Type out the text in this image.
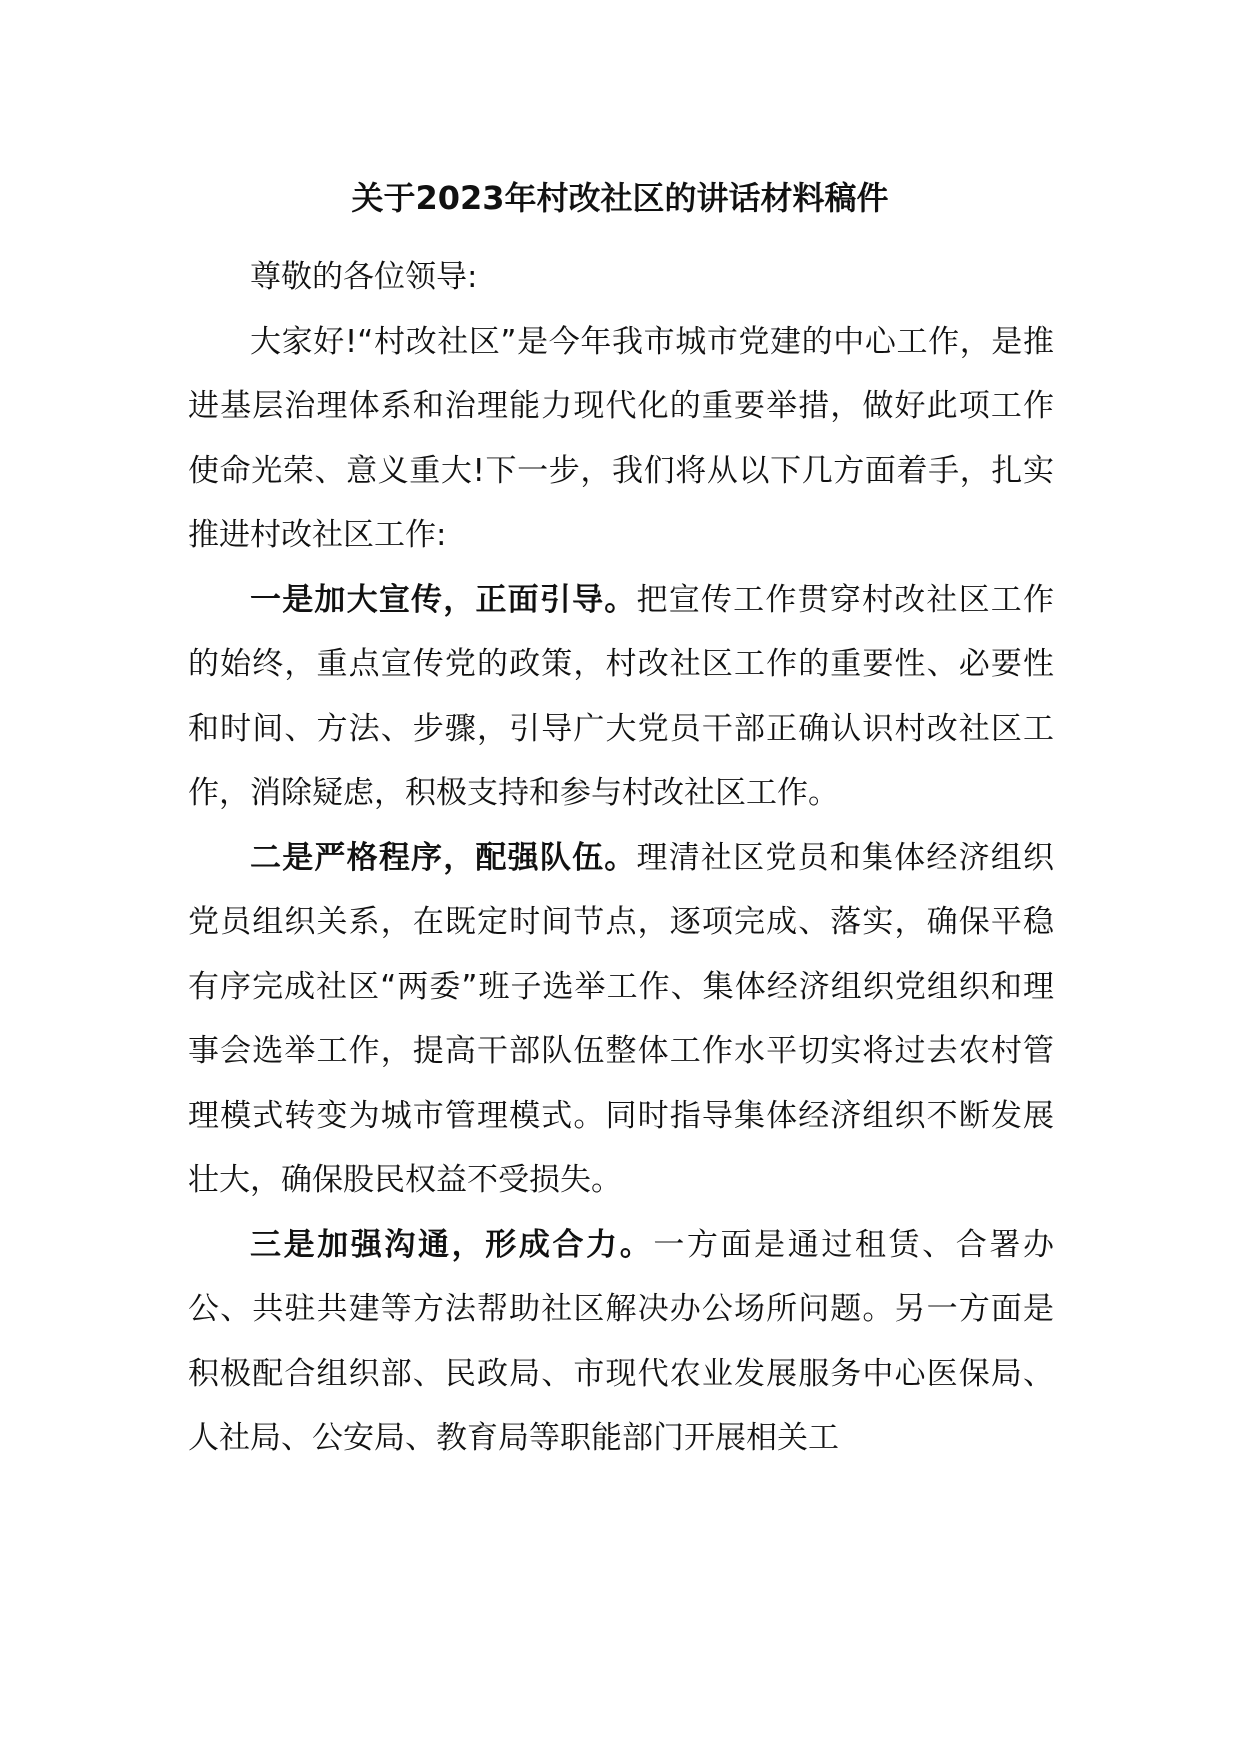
关于2023年村改社区的讲话材料稿件

尊敬的各位领导:

大家好!“村改社区”是今年我市城市党建的中心工作，是推进基层治理体系和治理能力现代化的重要举措，做好此项工作使命光荣、意义重大!下一步，我们将从以下几方面着手，扎实推进村改社区工作:

一是加大宣传，正面引导。把宣传工作贯穿村改社区工作的始终，重点宣传党的政策，村改社区工作的重要性、必要性和时间、方法、步骤，引导广大党员干部正确认识村改社区工作，消除疑虑，积极支持和参与村改社区工作。

二是严格程序，配强队伍。理清社区党员和集体经济组织党员组织关系，在既定时间节点，逐项完成、落实，确保平稳有序完成社区“两委”班子选举工作、集体经济组织党组织和理事会选举工作，提高干部队伍整体工作水平切实将过去农村管理模式转变为城市管理模式。同时指导集体经济组织不断发展壮大，确保股民权益不受损失。

三是加强沟通，形成合力。一方面是通过租赁、合署办公、共驻共建等方法帮助社区解决办公场所问题。另一方面是积极配合组织部、民政局、市现代农业发展服务中心医保局、人社局、公安局、教育局等职能部门开展相关工
